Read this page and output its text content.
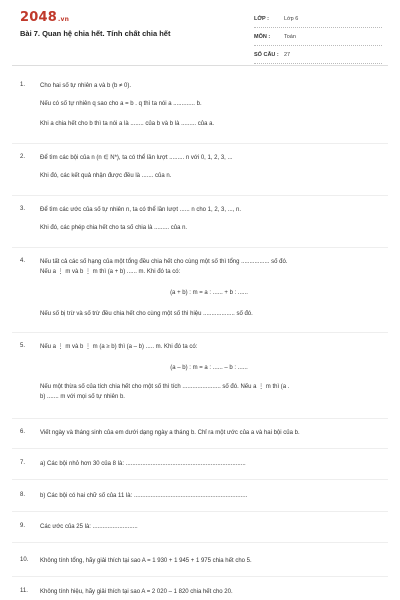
2048.vn
Bài 7. Quan hệ chia hết. Tính chất chia hết
LỚP :	Lớp 6
MÔN :	Toán
SỐ CÂU : 27
1. Cho hai số tự nhiên a và b (b ≠ 0).
Nếu có số tự nhiên q sao cho a = b . q thì ta nói a ............. b.
Khi a chia hết cho b thì ta nói a là ........ của b và b là ......... của a.
2. Để tìm các bội của n (n ∈ N*), ta có thể lần lượt ......... n với 0, 1, 2, 3, ...
Khi đó, các kết quả nhận được đều là ....... của n.
3. Để tìm các ước của số tự nhiên n, ta có thể lần lượt ...... n cho 1, 2, 3, ..., n.
Khi đó, các phép chia hết cho ta số chia là ......... của n.
4. Nếu tất cả các số hạng của một tổng đều chia hết cho cùng một số thì tổng ................. số đó.
Nếu a ⋮ m và b ⋮ m thì (a + b) ...... m. Khi đó ta có:
(a + b) : m = a : ...... + b : ......
Nếu số bị trừ và số trừ đều chia hết cho cùng một số thì hiệu ................... số đó.
5. Nếu a ⋮ m và b ⋮ m (a ≥ b) thì (a – b) ..... m. Khi đó ta có:
(a – b) : m = a : ...... – b : ......
Nếu một thừa số của tích chia hết cho một số thì tích ....................... số đó. Nếu a ⋮ m thì (a .
b) ....... m với mọi số tự nhiên b.
6. Viết ngày và tháng sinh của em dưới dạng ngày a tháng b. Chỉ ra một ước của a và hai bội của b.
7. a) Các bội nhỏ hơn 30 của 8 là: ........................................................................
8. b) Các bội có hai chữ số của 11 là: ....................................................................
9. Các ước của 25 là: ...........................
10. Không tính tổng, hãy giải thích tại sao A = 1 930 + 1 945 + 1 975 chia hết cho 5.
11. Không tính hiệu, hãy giải thích tại sao A = 2 020 – 1 820 chia hết cho 20.
